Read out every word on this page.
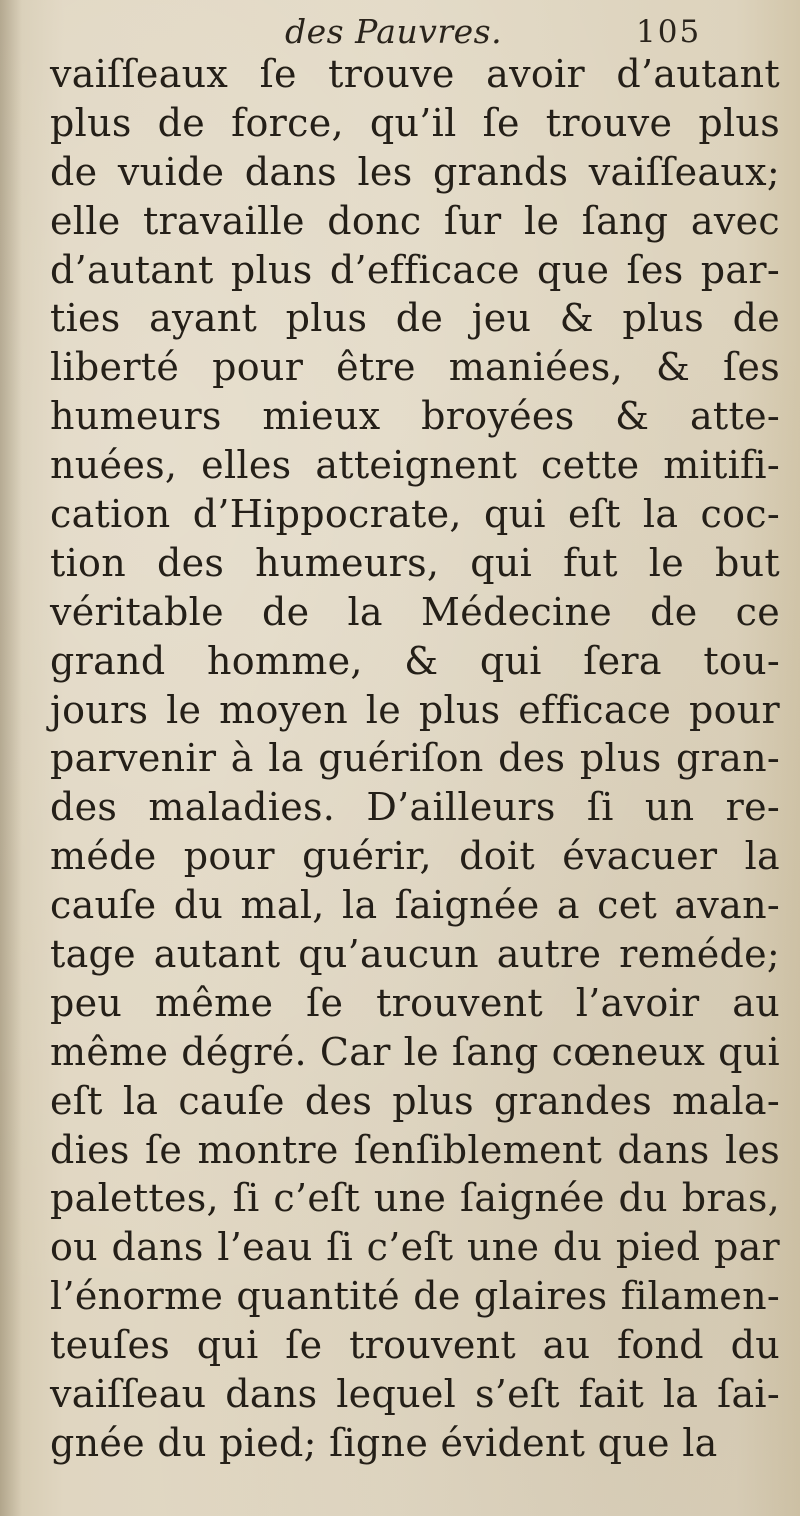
des Pauvres.	105
vaiſſeaux ſe trouve avoir d’autant
plus de force, qu’il ſe trouve plus
de vuide dans les grands vaiſſeaux;
elle travaille donc ſur le ſang avec
d’autant plus d’efficace que ſes par-
ties ayant plus de jeu & plus de
liberté pour être maniées, & ſes
humeurs mieux broyées & atte-
nuées, elles atteignent cette mitifi-
cation d’Hippocrate, qui eſt la coc-
tion des humeurs, qui fut le but
véritable de la Médecine de ce
grand homme, & qui ſera tou-
jours le moyen le plus efficace pour
parvenir à la guériſon des plus gran-
des maladies. D’ailleurs ſi un re-
méde pour guérir, doit évacuer la
cauſe du mal, la ſaignée a cet avan-
tage autant qu’aucun autre reméde;
peu même ſe trouvent l’avoir au
même dégré. Car le ſang cœneux qui
eſt la cauſe des plus grandes mala-
dies ſe montre ſenſiblement dans les
palettes, ſi c’eſt une ſaignée du bras,
ou dans l’eau ſi c’eſt une du pied par
l’énorme quantité de glaires filamen-
teuſes qui ſe trouvent au fond du
vaiſſeau dans lequel s’eſt fait la ſai-
gnée du pied; ſigne évident que la
